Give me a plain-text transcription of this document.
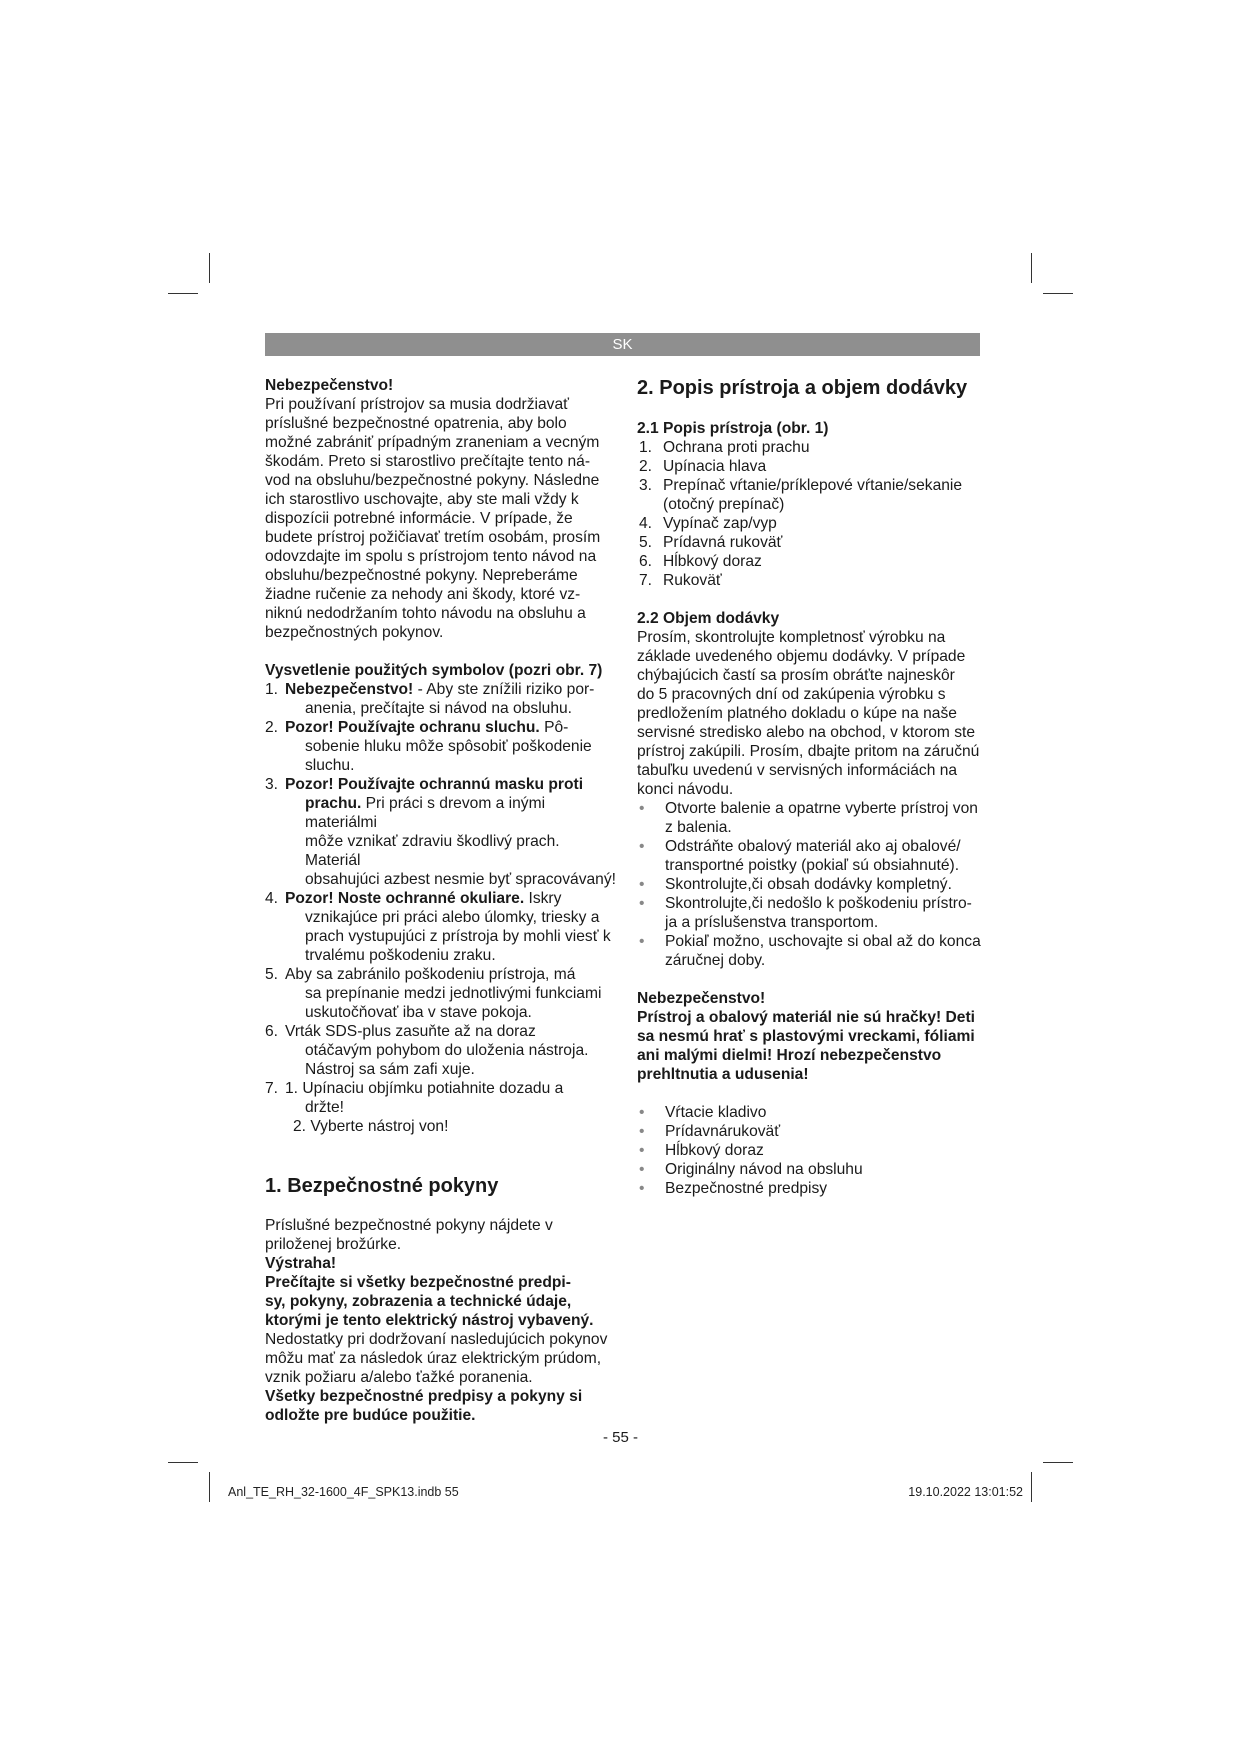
SK

Nebezpečenstvo!

Pri používaní prístrojov sa musia dodržiavať
príslušné bezpečnostné opatrenia, aby bolo
možné zabrániť prípadným zraneniam a vecným
škodám. Preto si starostlivo prečítajte tento ná-
vod na obsluhu/bezpečnostné pokyny. Následne
ich starostlivo uschovajte, aby ste mali vždy k
dispozícii potrebné informácie. V prípade, že
budete prístroj požičiavať tretím osobám, prosím
odovzdajte im spolu s prístrojom tento návod na
obsluhu/bezpečnostné pokyny. Nepreberáme
žiadne ručenie za nehody ani škody, ktoré vz-
niknú nedodržaním tohto návodu na obsluhu a
bezpečnostných pokynov.

Vysvetlenie použitých symbolov (pozri obr. 7)

1. Nebezpečenstvo! - Aby ste znížili riziko por-
anenia, prečítajte si návod na obsluhu.
2. Pozor! Používajte ochranu sluchu. Pô-
sobenie hluku môže spôsobiť poškodenie
sluchu.
3. Pozor! Používajte ochrannú masku proti
prachu. Pri práci s drevom a inými materiálmi
môže vznikať zdraviu škodlivý prach. Materiál
obsahujúci azbest nesmie byť spracovávaný!
4. Pozor! Noste ochranné okuliare. Iskry
vznikajúce pri práci alebo úlomky, triesky a
prach vystupujúci z prístroja by mohli viesť k
trvalému poškodeniu zraku.
5. Aby sa zabránilo poškodeniu prístroja, má
sa prepínanie medzi jednotlivými funkciami
uskutočňovať iba v stave pokoja.
6. Vrták SDS-plus zasuňte až na doraz
otáčavým pohybom do uloženia nástroja.
Nástroj sa sám zafi xuje.
7. 1. Upínaciu objímku potiahnite dozadu a
držte!
2. Vyberte nástroj von!
1. Bezpečnostné pokyny
Príslušné bezpečnostné pokyny nájdete v
priloženej brožúrke.

Výstraha!

Prečítajte si všetky bezpečnostné predpi-
sy, pokyny, zobrazenia a technické údaje,
ktorými je tento elektrický nástroj vybavený.
Nedostatky pri dodržovaní nasledujúcich pokynov
môžu mať za následok úraz elektrickým prúdom,
vznik požiaru a/alebo ťažké poranenia.
Všetky bezpečnostné predpisy a pokyny si
odložte pre budúce použitie.
2. Popis prístroja a objem dodávky

2.1 Popis prístroja (obr. 1)

1. Ochrana proti prachu
2. Upínacia hlava
3. Prepínač vŕtanie/príklepové vŕtanie/sekanie
(otočný prepínač)
4. Vypínač zap/vyp
5. Prídavná rukoväť
6. Hĺbkový doraz
7. Rukoväť

2.2 Objem dodávky

Prosím, skontrolujte kompletnosť výrobku na
základe uvedeného objemu dodávky. V prípade
chýbajúcich častí sa prosím obráťte najneskôr
do 5 pracovných dní od zakúpenia výrobku s
predložením platného dokladu o kúpe na naše
servisné stredisko alebo na obchod, v ktorom ste
prístroj zakúpili. Prosím, dbajte pritom na záručnú
tabuľku uvedenú v servisných informáciách na
konci návodu.
• Otvorte balenie a opatrne vyberte prístroj von
z balenia.
• Odstráňte obalový materiál ako aj obalové/
transportné poistky (pokiaľ sú obsiahnuté).
• Skontrolujte,či obsah dodávky kompletný.
• Skontrolujte,či nedošlo k poškodeniu prístro-
ja a príslušenstva transportom.
• Pokiaľ možno, uschovajte si obal až do konca
záručnej doby.

Nebezpečenstvo!

Prístroj a obalový materiál nie sú hračky! Deti
sa nesmú hrať s plastovými vreckami, fóliami
ani malými dielmi! Hrozí nebezpečenstvo
prehltnutia a udusenia!
• Vŕtacie kladivo
• Prídavnárukoväť
• Hĺbkový doraz
• Originálny návod na obsluhu
• Bezpečnostné predpisy
- 55 -
Anl_TE_RH_32-1600_4F_SPK13.indb 55	19.10.2022 13:01:52
